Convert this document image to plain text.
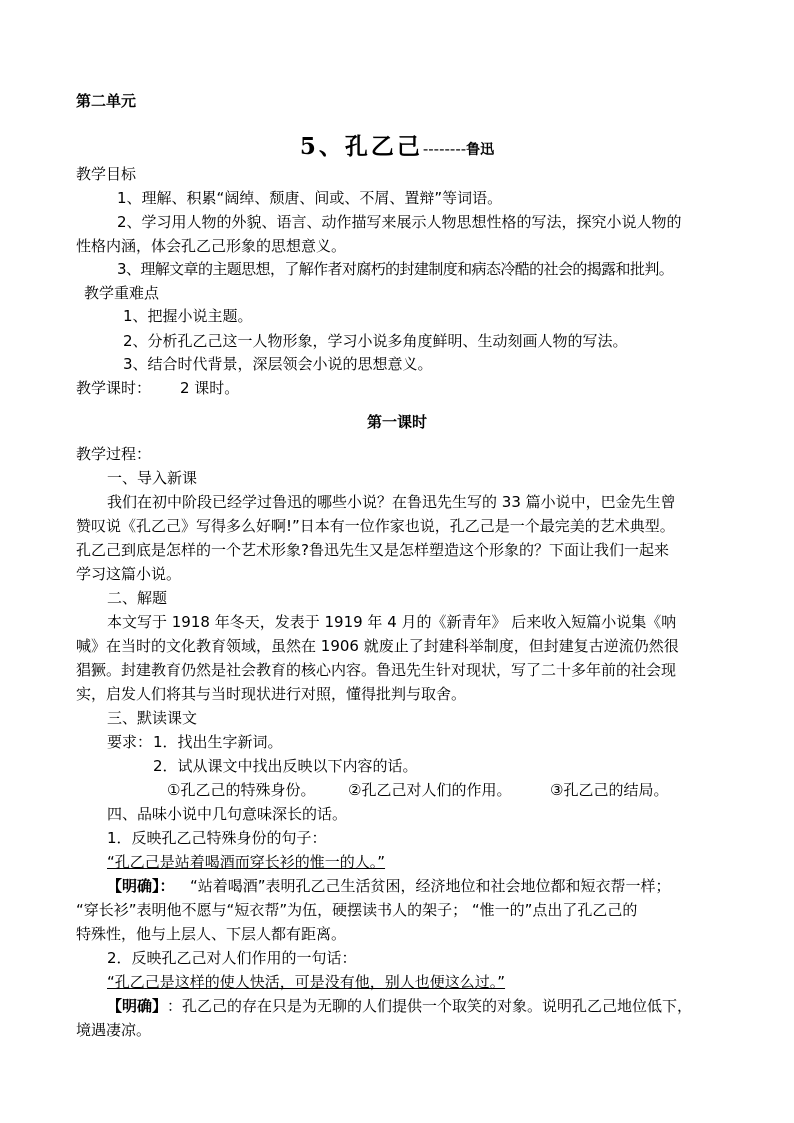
第二单元
5、孔乙己--------鲁迅
教学目标
1、理解、积累“阔绰、颓唐、间或、不屑、置辩”等词语。
2、学习用人物的外貌、语言、动作描写来展示人物思想性格的写法，探究小说人物的
性格内涵，体会孔乙己形象的思想意义。
3、理解文章的主题思想，了解作者对腐朽的封建制度和病态冷酷的社会的揭露和批判。
教学重难点
1、把握小说主题。
2、分析孔乙己这一人物形象，学习小说多角度鲜明、生动刻画人物的写法。
3、结合时代背景，深层领会小说的思想意义。
教学课时： 2 课时。
第一课时
教学过程：
一、导入新课
我们在初中阶段已经学过鲁迅的哪些小说？在鲁迅先生写的 33 篇小说中，巴金先生曾
赞叹说《孔乙己》写得多么好啊!”日本有一位作家也说，孔乙己是一个最完美的艺术典型。
孔乙己到底是怎样的一个艺术形象?鲁迅先生又是怎样塑造这个形象的？下面让我们一起来
学习这篇小说。
二、解题
本文写于 1918 年冬天，发表于 1919 年 4 月的《新青年》 后来收入短篇小说集《呐
喊》在当时的文化教育领域，虽然在 1906 就废止了封建科举制度，但封建复古逆流仍然很
猖獗。封建教育仍然是社会教育的核心内容。鲁迅先生针对现状，写了二十多年前的社会现
实，启发人们将其与当时现状进行对照，懂得批判与取舍。
三、默读课文
要求： 1．找出生字新词。
2．试从课文中找出反映以下内容的话。
①孔乙己的特殊身份。 ②孔乙己对人们的作用。	③孔乙己的结局。
四、品味小说中几句意味深长的话。
1．反映孔乙己特殊身份的句子：
“孔乙己是站着喝酒而穿长衫的惟一的人。”
【明确】： “站着喝酒”表明孔乙己生活贫困，经济地位和社会地位都和短衣帮一样；
“穿长衫”表明他不愿与“短衣帮”为伍，硬摆读书人的架子； “惟一的”点出了孔乙己的
特殊性，他与上层人、下层人都有距离。
2．反映孔乙己对人们作用的一句话：
“孔乙己是这样的使人快活，可是没有他，别人也便这么过。”
【明确】 ：孔乙己的存在只是为无聊的人们提供一个取笑的对象。说明孔乙己地位低下，
境遇凄凉。
